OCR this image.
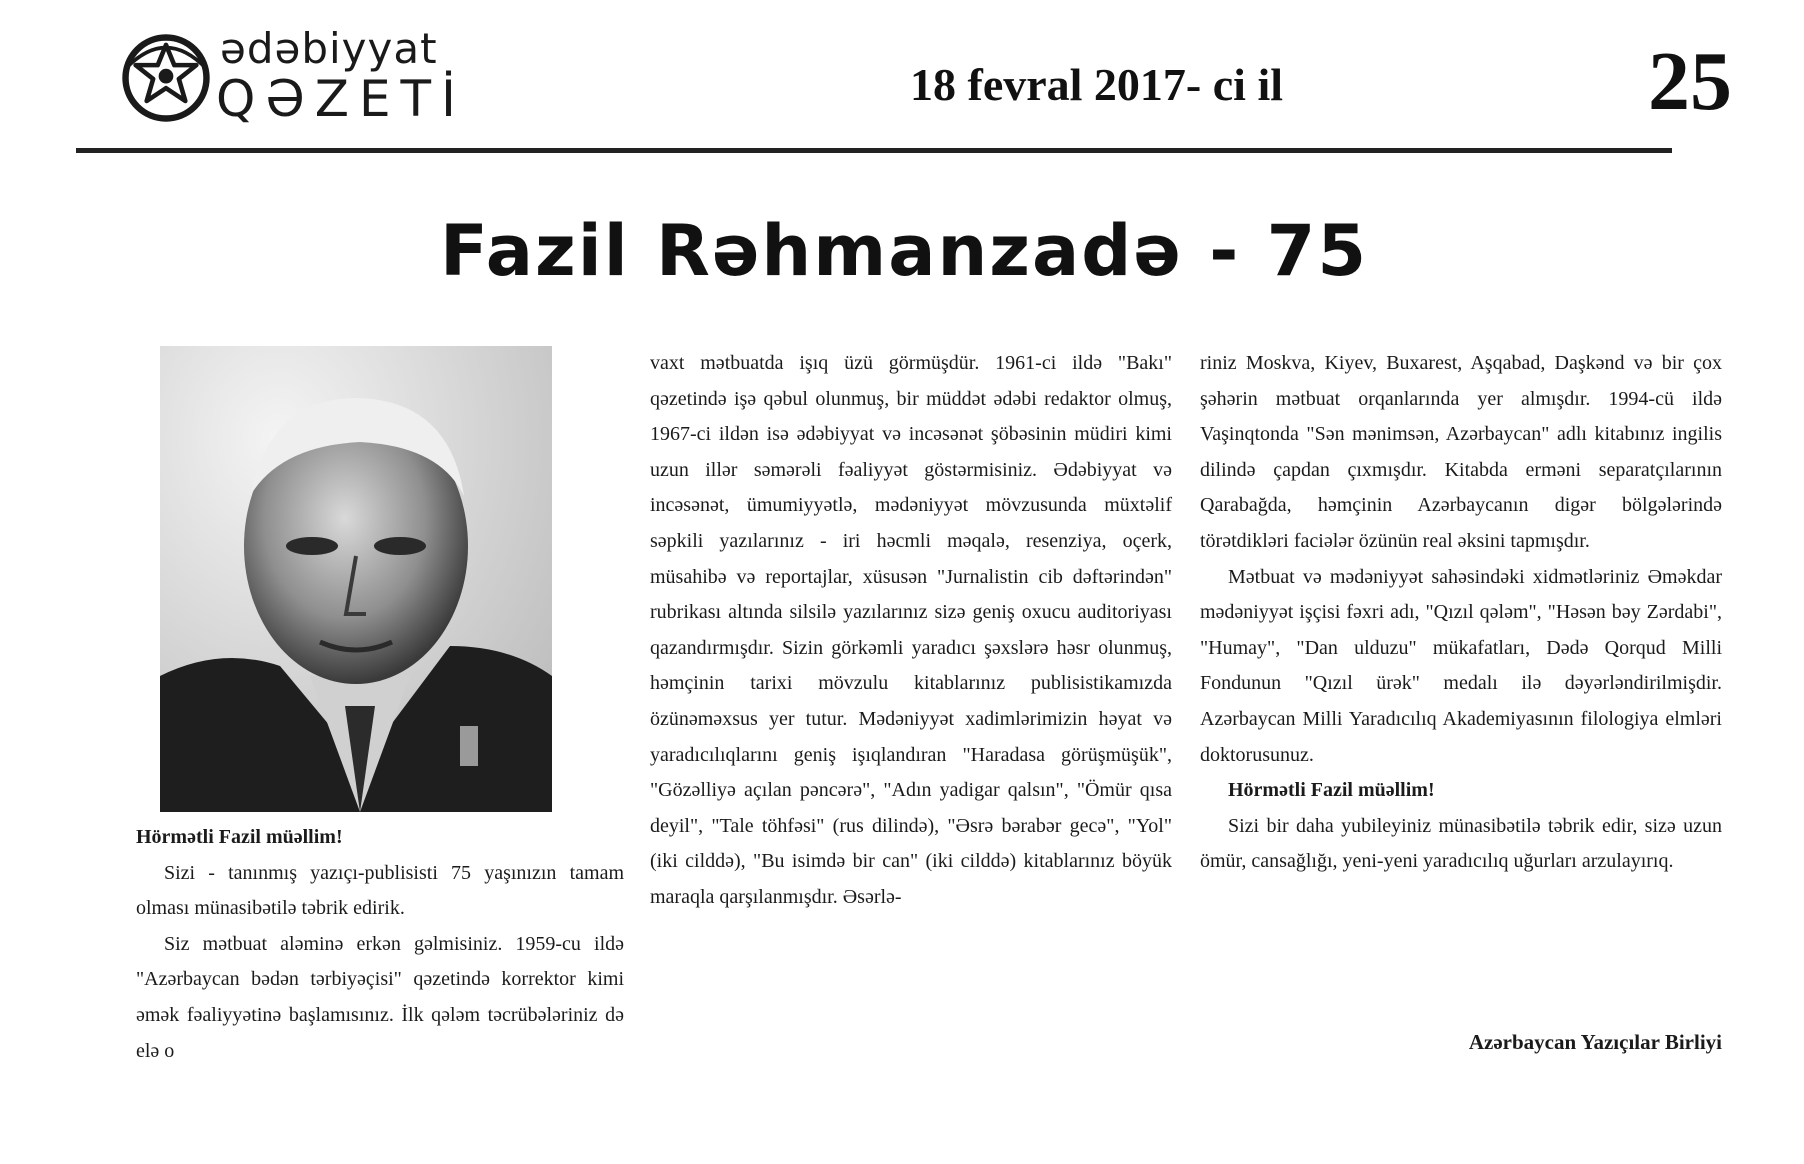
ədəbiyyat
QƏZETİ	18 fevral 2017- ci il	25
Fazil Rəhmanzadə - 75

Hörmətli Fazil müəllim!

Sizi - tanınmış yazıçı-publisisti 75 yaşınızın tamam olması münasibətilə təbrik edirik.

Siz mətbuat aləminə erkən gəlmisiniz. 1959-cu ildə "Azərbaycan bədən tərbiyəçisi" qəzetində korrektor kimi əmək fəaliyyətinə başlamısınız. İlk qələm təcrübələriniz də elə o

vaxt mətbuatda işıq üzü görmüşdür. 1961-ci ildə "Bakı" qəzetində işə qəbul olunmuş, bir müddət ədəbi redaktor olmuş, 1967-ci ildən isə ədəbiyyat və incəsənət şöbəsinin müdiri kimi uzun illər səmərəli fəaliyyət göstərmisiniz. Ədəbiyyat və incəsənət, ümumiyyətlə, mədəniyyət mövzusunda müxtəlif səpkili yazılarınız - iri həcmli məqalə, resenziya, oçerk, müsahibə və reportajlar, xüsusən "Jurnalistin cib dəftərindən" rubrikası altında silsilə yazılarınız sizə geniş oxucu auditoriyası qazandırmışdır. Sizin görkəmli yaradıcı şəxslərə həsr olunmuş, həmçinin tarixi mövzulu kitablarınız publisistikamızda özünəməxsus yer tutur. Mədəniyyət xadimlərimizin həyat və yaradıcılıqlarını geniş işıqlandıran "Haradasa görüşmüşük", "Gözəlliyə açılan pəncərə", "Adın yadigar qalsın", "Ömür qısa deyil", "Tale töhfəsi" (rus dilində), "Əsrə bərabər gecə", "Yol" (iki cilddə), "Bu isimdə bir can" (iki cilddə) kitablarınız böyük maraqla qarşılanmışdır. Əsərlə-

riniz Moskva, Kiyev, Buxarest, Aşqabad, Daşkənd və bir çox şəhərin mətbuat orqanlarında yer almışdır. 1994-cü ildə Vaşinqtonda "Sən mənimsən, Azərbaycan" adlı kitabınız ingilis dilində çapdan çıxmışdır. Kitabda erməni separatçılarının Qarabağda, həmçinin Azərbaycanın digər bölgələrində törətdikləri faciələr özünün real əksini tapmışdır.

Mətbuat və mədəniyyət sahəsindəki xidmətləriniz Əməkdar mədəniyyət işçisi fəxri adı, "Qızıl qələm", "Həsən bəy Zərdabi", "Humay", "Dan ulduzu" mükafatları, Dədə Qorqud Milli Fondunun "Qızıl ürək" medalı ilə dəyərləndirilmişdir. Azərbaycan Milli Yaradıcılıq Akademiyasının filologiya elmləri doktorusunuz.

Hörmətli Fazil müəllim!

Sizi bir daha yubileyiniz münasibətilə təbrik edir, sizə uzun ömür, cansağlığı, yeni-yeni yaradıcılıq uğurları arzulayırıq.

Azərbaycan Yazıçılar Birliyi
